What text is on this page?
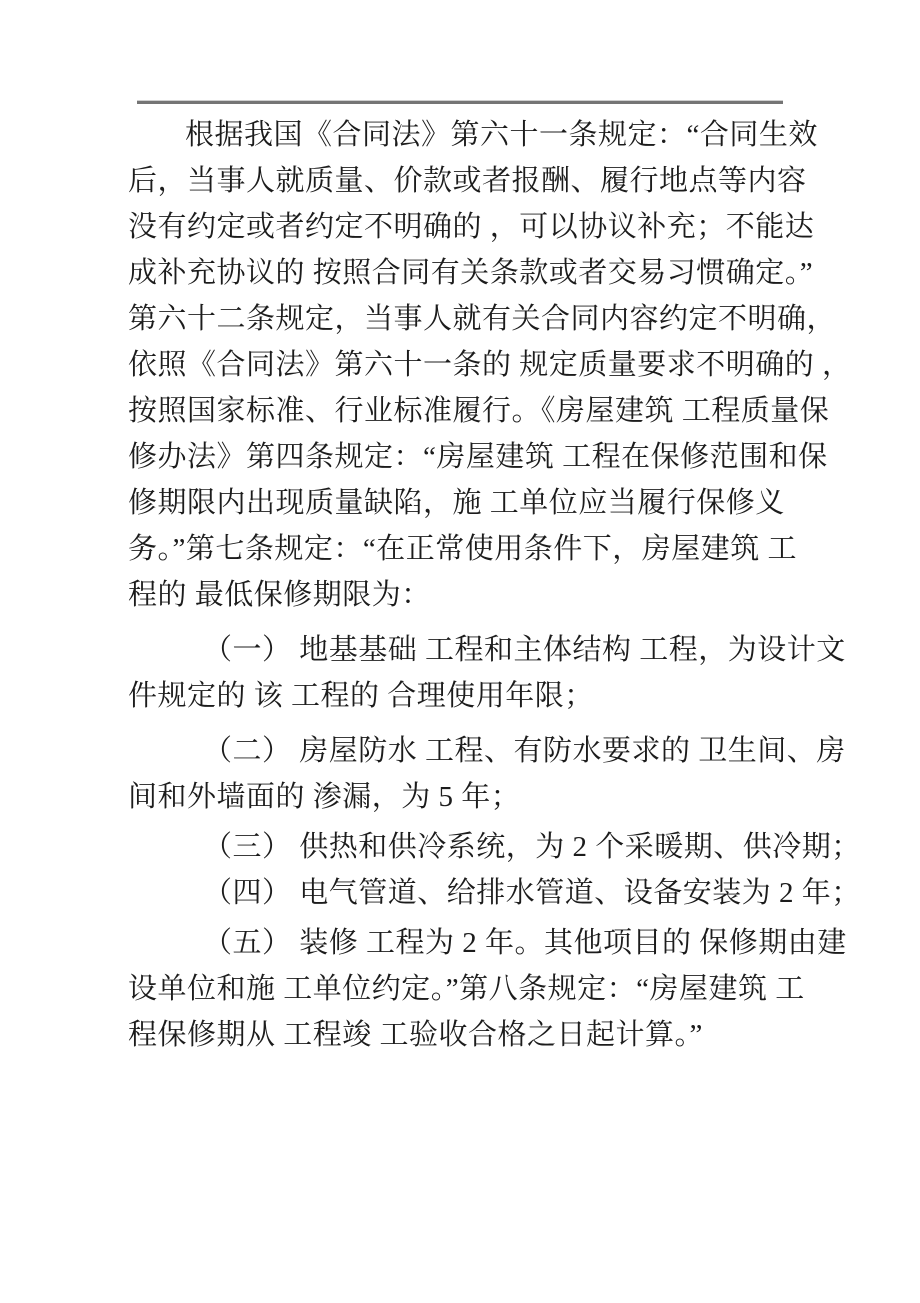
根据我国《合同法》第六十一条规定：“合同生效
后，当事人就质量、价款或者报酬、履行地点等内容
没有约定或者约定不明确的 ，可以协议补充；不能达
成补充协议的 按照合同有关条款或者交易习惯确定。”
第六十二条规定，当事人就有关合同内容约定不明确，
依照《合同法》第六十一条的 规定质量要求不明确的 ，
按照国家标准、行业标准履行。《房屋建筑 工程质量保
修办法》第四条规定：“房屋建筑 工程在保修范围和保
修期限内出现质量缺陷，施 工单位应当履行保修义
务。”第七条规定：“在正常使用条件下，房屋建筑 工
程的 最低保修期限为：
（一） 地基基础 工程和主体结构 工程，为设计文
件规定的 该 工程的 合理使用年限；
（二） 房屋防水 工程、有防水要求的 卫生间、房
间和外墙面的 渗漏，为 5 年；
（三） 供热和供冷系统，为 2 个采暖期、供冷期；
（四） 电气管道、给排水管道、设备安装为 2 年；
（五） 装修 工程为 2 年。其他项目的 保修期由建
设单位和施 工单位约定。”第八条规定：“房屋建筑 工
程保修期从 工程竣 工验收合格之日起计算。”
